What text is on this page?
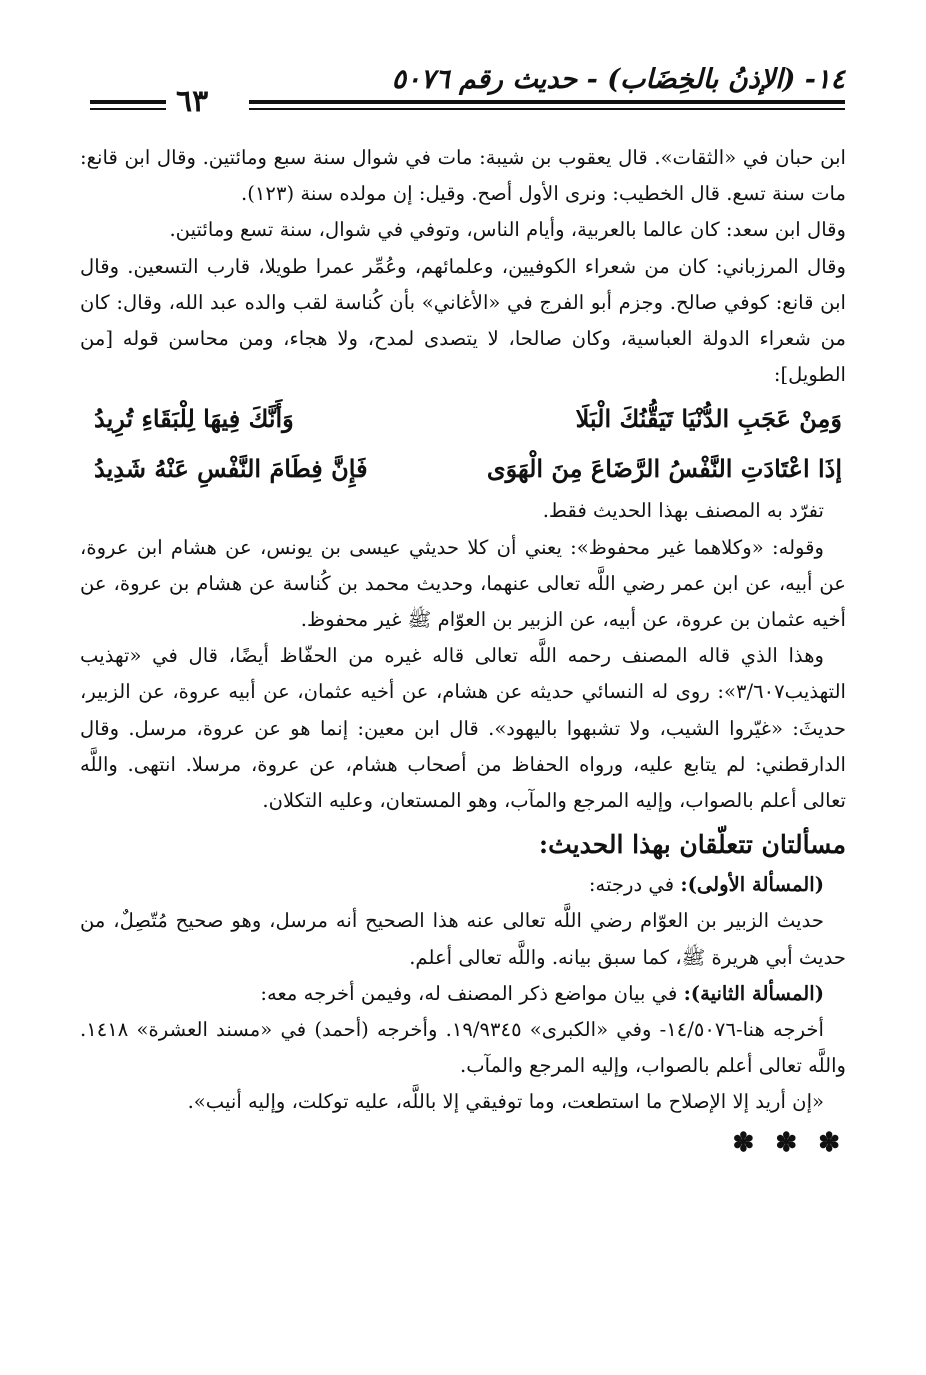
١٤- (الإذنُ بالخِضَاب) - حديث رقم ٥٠٧٦
٦٣

ابن حبان في «الثقات». قال يعقوب بن شيبة: مات في شوال سنة سبع ومائتين. وقال ابن قانع: مات سنة تسع. قال الخطيب: ونرى الأول أصح. وقيل: إن مولده سنة (١٢٣).

وقال ابن سعد: كان عالما بالعربية، وأيام الناس، وتوفي في شوال، سنة تسع ومائتين.

وقال المرزباني: كان من شعراء الكوفيين، وعلمائهم، وعُمِّر عمرا طويلا، قارب التسعين. وقال ابن قانع: كوفي صالح. وجزم أبو الفرج في «الأغاني» بأن كُناسة لقب والده عبد الله، وقال: كان من شعراء الدولة العباسية، وكان صالحا، لا يتصدى لمدح، ولا هجاء، ومن محاسن قوله [من الطويل]:

وَمِنْ عَجَبِ الدُّنْيَا تَيَقُّنُكَ الْبَلَا
وَأَنَّكَ فِيهَا لِلْبَقَاءِ تُرِيدُ
إذَا اعْتَادَتِ النَّفْسُ الرَّضَاعَ مِنَ الْهَوَى
فَإِنَّ فِطَامَ النَّفْسِ عَنْهُ شَدِيدُ

تفرّد به المصنف بهذا الحديث فقط.

وقوله: «وكلاهما غير محفوظ»: يعني أن كلا حديثي عيسى بن يونس، عن هشام ابن عروة، عن أبيه، عن ابن عمر رضي اللَّه تعالى عنهما، وحديث محمد بن كُناسة عن هشام بن عروة، عن أخيه عثمان بن عروة، عن أبيه، عن الزبير بن العوّام ﷺ غير محفوظ.

وهذا الذي قاله المصنف رحمه اللَّه تعالى قاله غيره من الحفّاظ أيضًا، قال في «تهذيب التهذيب٣/٦٠٧»: روى له النسائي حديثه عن هشام، عن أخيه عثمان، عن أبيه عروة، عن الزبير، حديثَ: «غيّروا الشيب، ولا تشبهوا باليهود». قال ابن معين: إنما هو عن عروة، مرسل. وقال الدارقطني: لم يتابع عليه، ورواه الحفاظ من أصحاب هشام، عن عروة، مرسلا. انتهى. واللَّه تعالى أعلم بالصواب، وإليه المرجع والمآب، وهو المستعان، وعليه التكلان.

مسألتان تتعلّقان بهذا الحديث:

(المسألة الأولى): في درجته:

حديث الزبير بن العوّام رضي اللَّه تعالى عنه هذا الصحيح أنه مرسل، وهو صحيح مُتّصِلٌ، من حديث أبي هريرة ﷺ، كما سبق بيانه. واللَّه تعالى أعلم.

(المسألة الثانية): في بيان مواضع ذكر المصنف له، وفيمن أخرجه معه:

أخرجه هنا-١٤/٥٠٧٦- وفي «الكبرى» ١٩/٩٣٤٥. وأخرجه (أحمد) في «مسند العشرة» ١٤١٨. واللَّه تعالى أعلم بالصواب، وإليه المرجع والمآب.

«إن أريد إلا الإصلاح ما استطعت، وما توفيقي إلا باللَّه، عليه توكلت، وإليه أنيب».

✽ ✽ ✽
